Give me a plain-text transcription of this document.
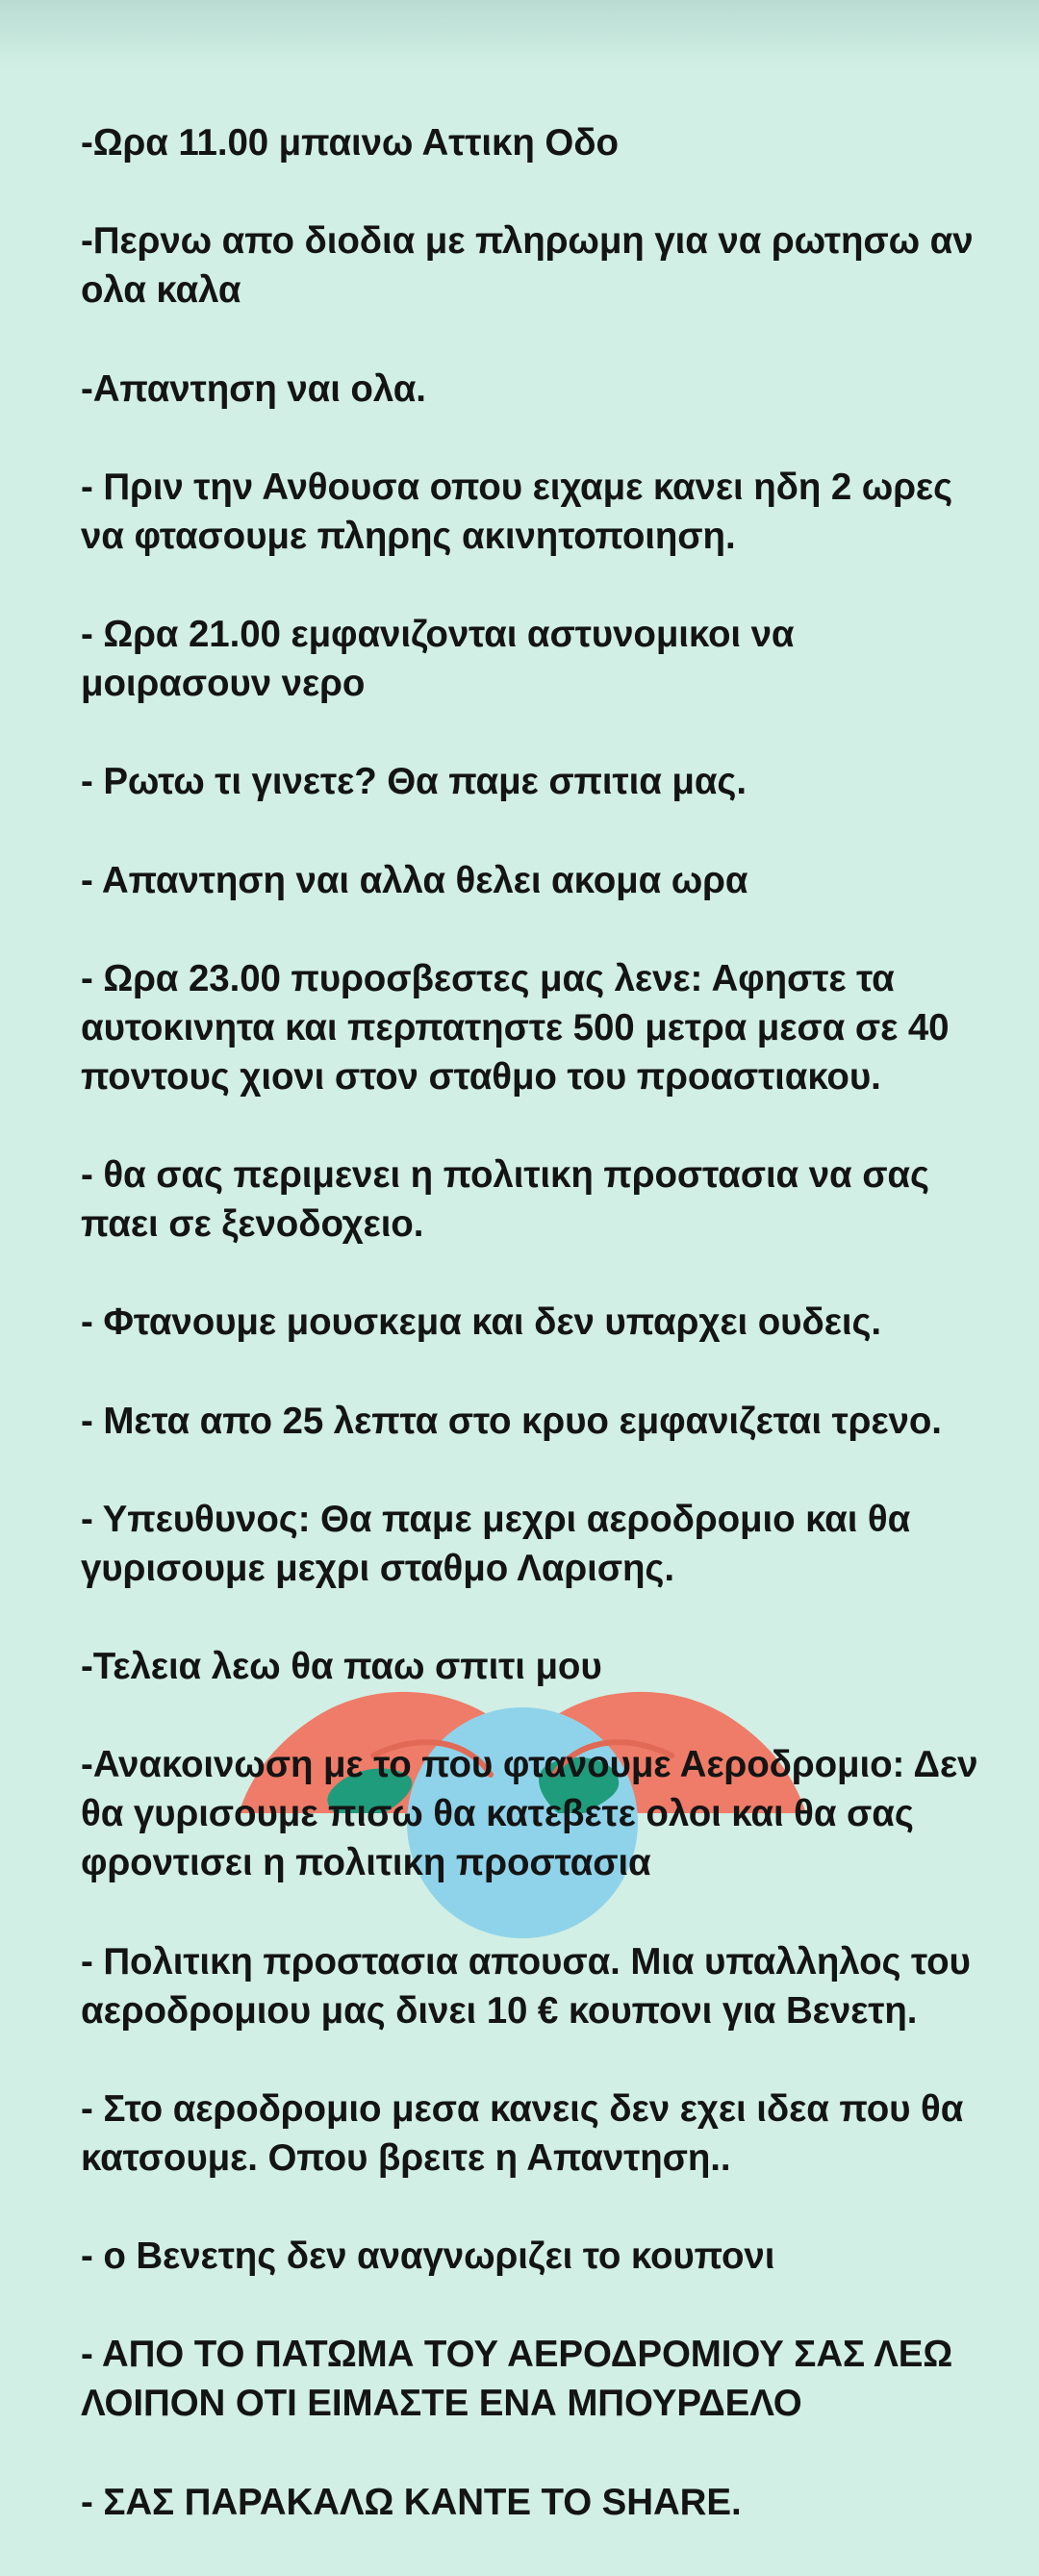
-Ωρα 11.00 μπαινω Αττικη Οδο

-Περνω απο διοδια με πληρωμη για να ρωτησω αν ολα καλα

-Απαντηση ναι ολα.

- Πριν την Ανθουσα οπου ειχαμε κανει ηδη 2 ωρες να φτασουμε πληρης ακινητοποιηση.

- Ωρα 21.00 εμφανιζονται αστυνομικοι να μοιρασουν νερο

- Ρωτω τι γινετε? Θα παμε σπιτια μας.

- Απαντηση ναι αλλα θελει ακομα ωρα

- Ωρα 23.00 πυροσβεστες μας λενε: Αφηστε τα αυτοκινητα και περπατηστε 500 μετρα μεσα σε 40 ποντους χιονι στον σταθμο του προαστιακου.

- θα σας περιμενει η πολιτικη προστασια να σας παει σε ξενοδοχειο.

- Φτανουμε μουσκεμα και δεν υπαρχει ουδεις.

- Μετα απο 25 λεπτα στο κρυο εμφανιζεται τρενο.

- Υπευθυνος: Θα παμε μεχρι αεροδρομιο και θα γυρισουμε μεχρι σταθμο Λαρισης.

-Τελεια λεω θα παω σπιτι μου

-Ανακοινωση με το που φτανουμε Αεροδρομιο: Δεν θα γυρισουμε πισω θα κατεβετε ολοι και θα σας φροντισει η πολιτικη προστασια

- Πολιτικη προστασια απουσα. Μια υπαλληλος του αεροδρομιου μας δινει 10 € κουπονι για Βενετη.

- Στο αεροδρομιο μεσα κανεις δεν εχει ιδεα που θα κατσουμε. Οπου βρειτε η Απαντηση..

- ο Βενετης δεν αναγνωριζει το κουπονι

- ΑΠΟ ΤΟ ΠΑΤΩΜΑ ΤΟΥ ΑΕΡΟΔΡΟΜΙΟΥ ΣΑΣ ΛΕΩ ΛΟΙΠΟΝ ΟΤΙ ΕΙΜΑΣΤΕ ΕΝΑ ΜΠΟΥΡΔΕΛΟ

- ΣΑΣ ΠΑΡΑΚΑΛΩ ΚΑΝΤΕ ΤΟ SHARE.
